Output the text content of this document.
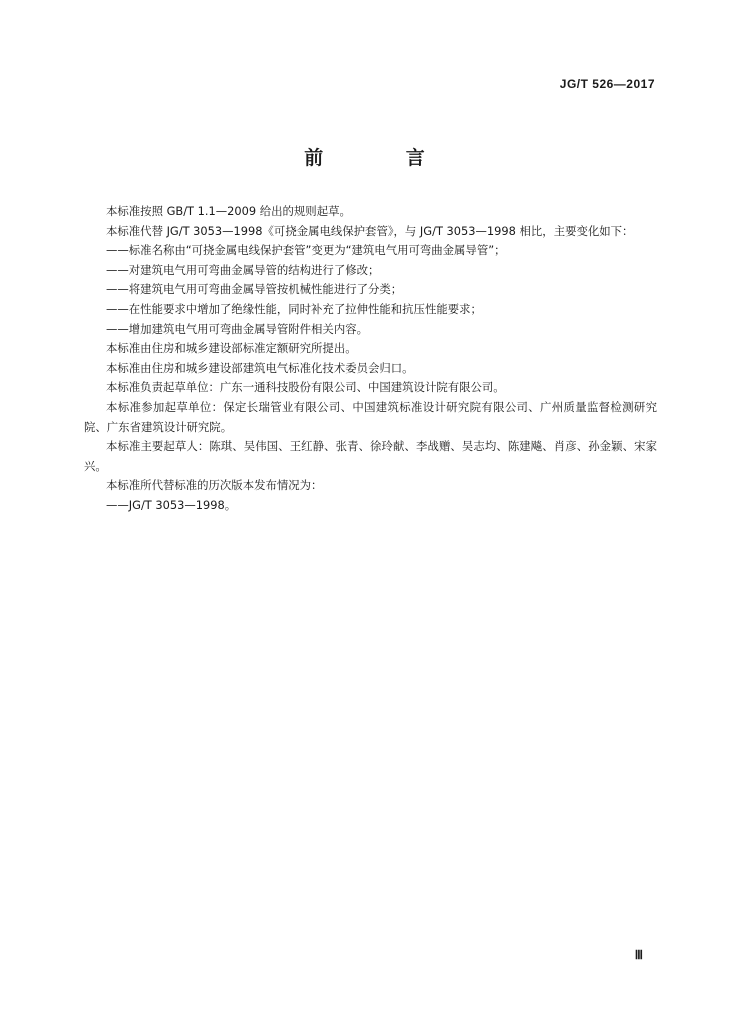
JG/T 526—2017
前 言

本标准按照 GB/T 1.1—2009 给出的规则起草。

本标准代替 JG/T 3053—1998《可挠金属电线保护套管》，与 JG/T 3053—1998 相比，主要变化如下：

——标准名称由“可挠金属电线保护套管”变更为“建筑电气用可弯曲金属导管”；

——对建筑电气用可弯曲金属导管的结构进行了修改；

——将建筑电气用可弯曲金属导管按机械性能进行了分类；

——在性能要求中增加了绝缘性能，同时补充了拉伸性能和抗压性能要求；

——增加建筑电气用可弯曲金属导管附件相关内容。

本标准由住房和城乡建设部标准定额研究所提出。

本标准由住房和城乡建设部建筑电气标准化技术委员会归口。

本标准负责起草单位：广东一通科技股份有限公司、中国建筑设计院有限公司。

本标准参加起草单位：保定长瑞管业有限公司、中国建筑标准设计研究院有限公司、广州质量监督检测研究院、广东省建筑设计研究院。

本标准主要起草人：陈琪、吴伟国、王红静、张青、徐玲献、李战赠、吴志均、陈建飚、肖彦、孙金颖、宋家兴。

本标准所代替标准的历次版本发布情况为：

——JG/T 3053—1998。

Ⅲ
